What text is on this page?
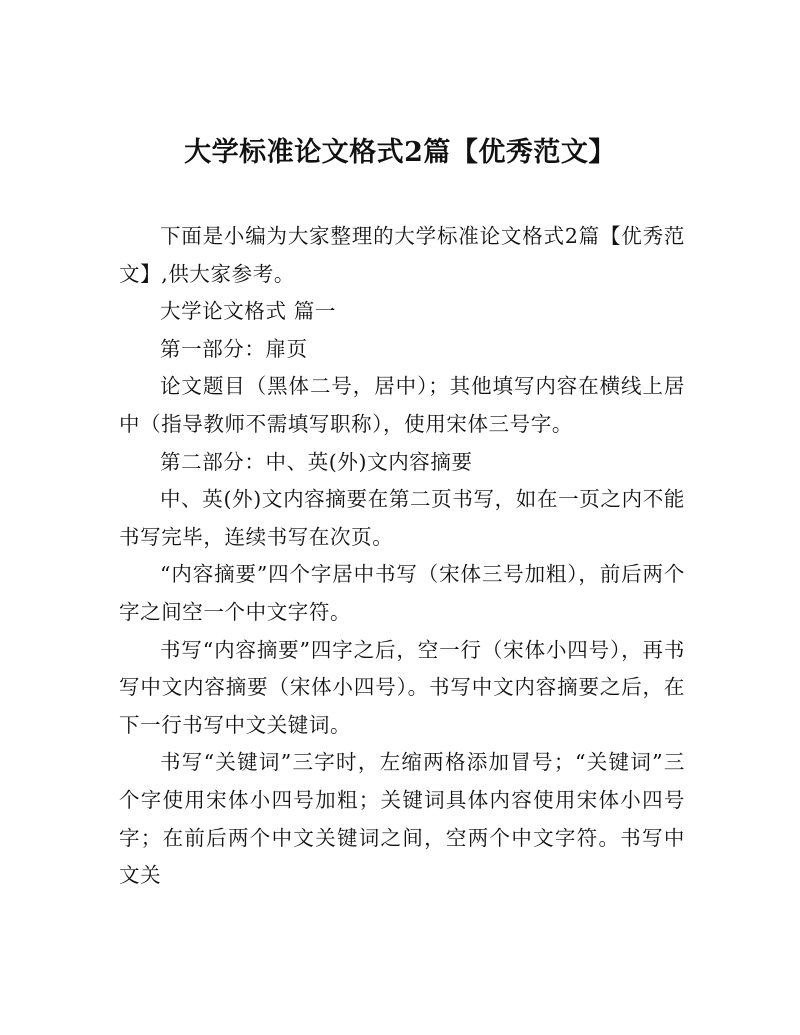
大学标准论文格式2篇【优秀范文】

下面是小编为大家整理的大学标准论文格式2篇【优秀范文】,供大家参考。

大学论文格式 篇一

第一部分：扉页

论文题目（黑体二号，居中）；其他填写内容在横线上居中（指导教师不需填写职称），使用宋体三号字。

第二部分：中、英(外)文内容摘要

中、英(外)文内容摘要在第二页书写，如在一页之内不能书写完毕，连续书写在次页。

“内容摘要”四个字居中书写（宋体三号加粗），前后两个字之间空一个中文字符。

书写“内容摘要”四字之后，空一行（宋体小四号），再书写中文内容摘要（宋体小四号）。书写中文内容摘要之后，在下一行书写中文关键词。

书写“关键词”三字时，左缩两格添加冒号；“关键词”三个字使用宋体小四号加粗；关键词具体内容使用宋体小四号字；在前后两个中文关键词之间，空两个中文字符。书写中文关
